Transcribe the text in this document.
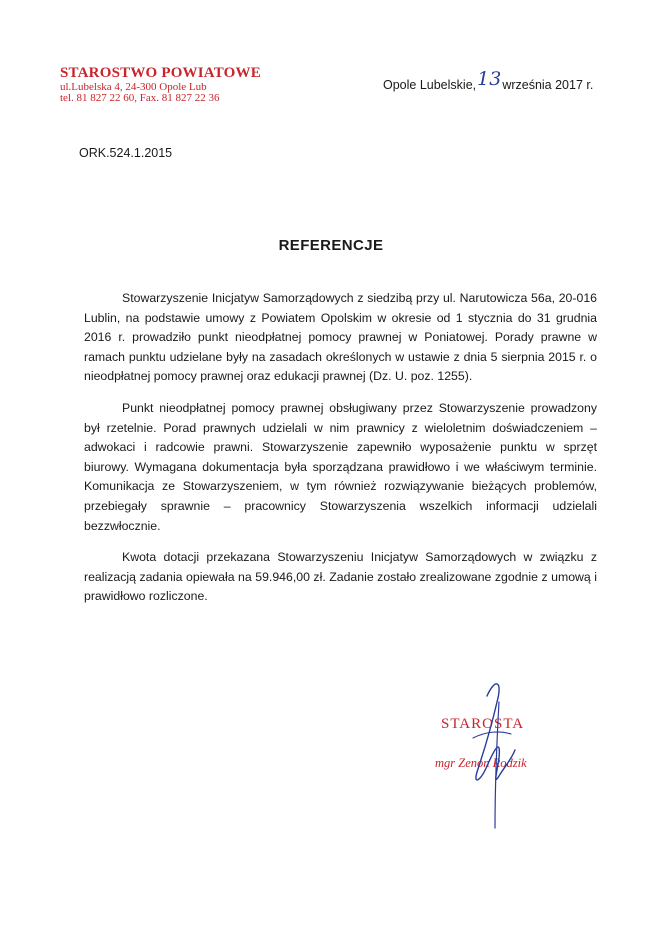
STAROSTWO POWIATOWE
ul.Lubelska 4, 24-300 Opole Lub
tel. 81 827 22 60, Fax. 81 827 22 36
Opole Lubelskie,13września 2017 r.
ORK.524.1.2015
REFERENCJE

Stowarzyszenie Inicjatyw Samorządowych z siedzibą przy ul. Narutowicza 56a, 20-016 Lublin, na podstawie umowy z Powiatem Opolskim w okresie od 1 stycznia do 31 grudnia 2016 r. prowadziło punkt nieodpłatnej pomocy prawnej w Poniatowej. Porady prawne w ramach punktu udzielane były na zasadach określonych w ustawie z dnia 5 sierpnia 2015 r. o nieodpłatnej pomocy prawnej oraz edukacji prawnej (Dz. U. poz. 1255).

Punkt nieodpłatnej pomocy prawnej obsługiwany przez Stowarzyszenie prowadzony był rzetelnie. Porad prawnych udzielali w nim prawnicy z wieloletnim doświadczeniem – adwokaci i radcowie prawni. Stowarzyszenie zapewniło wyposażenie punktu w sprzęt biurowy. Wymagana dokumentacja była sporządzana prawidłowo i we właściwym terminie. Komunikacja ze Stowarzyszeniem, w tym również rozwiązywanie bieżących problemów, przebiegały sprawnie – pracownicy Stowarzyszenia wszelkich informacji udzielali bezzwłocznie.

Kwota dotacji przekazana Stowarzyszeniu Inicjatyw Samorządowych w związku z realizacją zadania opiewała na 59.946,00 zł. Zadanie zostało zrealizowane zgodnie z umową i prawidłowo rozliczone.

STAROSTA
mgr Zenon Rodzik
